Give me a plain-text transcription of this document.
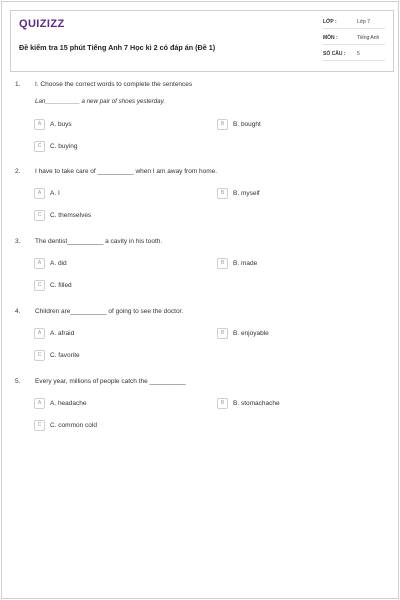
QUIZIZZ
Đề kiểm tra 15 phút Tiếng Anh 7 Học kì 2 có đáp án (Đề 1)
LỚP :	Lớp 7
MÔN :	Tiếng Anh
SỐ CÂU : 5
1. I. Choose the correct words to complete the sentences
Lan__________ a new pair of shoes yesterday.
A	A. buys	B	B. bought
C	C. buying
2. I have to take care of __________ when I am away from home.
A	A. I	B	B. myself
C	C. themselves
3. The dentist__________ a cavity in his tooth.
A	A. did	B	B. made
C	C. filled
4. Children are__________ of going to see the doctor.
A	A. afraid	B	B. enjoyable
C	C. favorite
5. Every year, millions of people catch the __________
A	A. headache	B	B. stomachache
C	C. common cold
